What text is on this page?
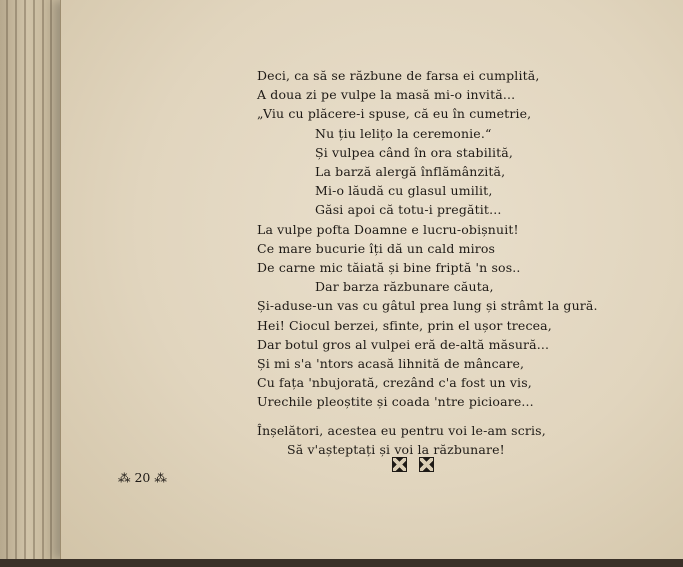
Deci, ca să se răzbune de farsa ei cumplită,
A doua zi pe vulpe la masă mi-o invită...
„Viu cu plăcere-i spuse, că eu în cumetrie,
Nu țiu lelițo la ceremonie.“
Și vulpea când în ora stabilită,
La barză alergă înflămânzită,
Mi-o lăudă cu glasul umilit,
Găsi apoi că totu-i pregătit...
La vulpe pofta Doamne e lucru-obișnuit!
Ce mare bucurie îți dă un cald miros
De carne mic tăiată și bine friptă 'n sos..
Dar barza răzbunare căuta,
Și-aduse-un vas cu gâtul prea lung și strâmt la gură.
Hei! Ciocul berzei, sfinte, prin el ușor trecea,
Dar botul gros al vulpei eră de-altă măsură...
Și mi s'a 'ntors acasă lihnită de mâncare,
Cu fața 'nbujorată, crezând c'a fost un vis,
Urechile pleoștite și coada 'ntre picioare...
Înșelători, acestea eu pentru voi le-am scris,
Să v'așteptați și voi la răzbunare!
⁂ 20 ⁂
